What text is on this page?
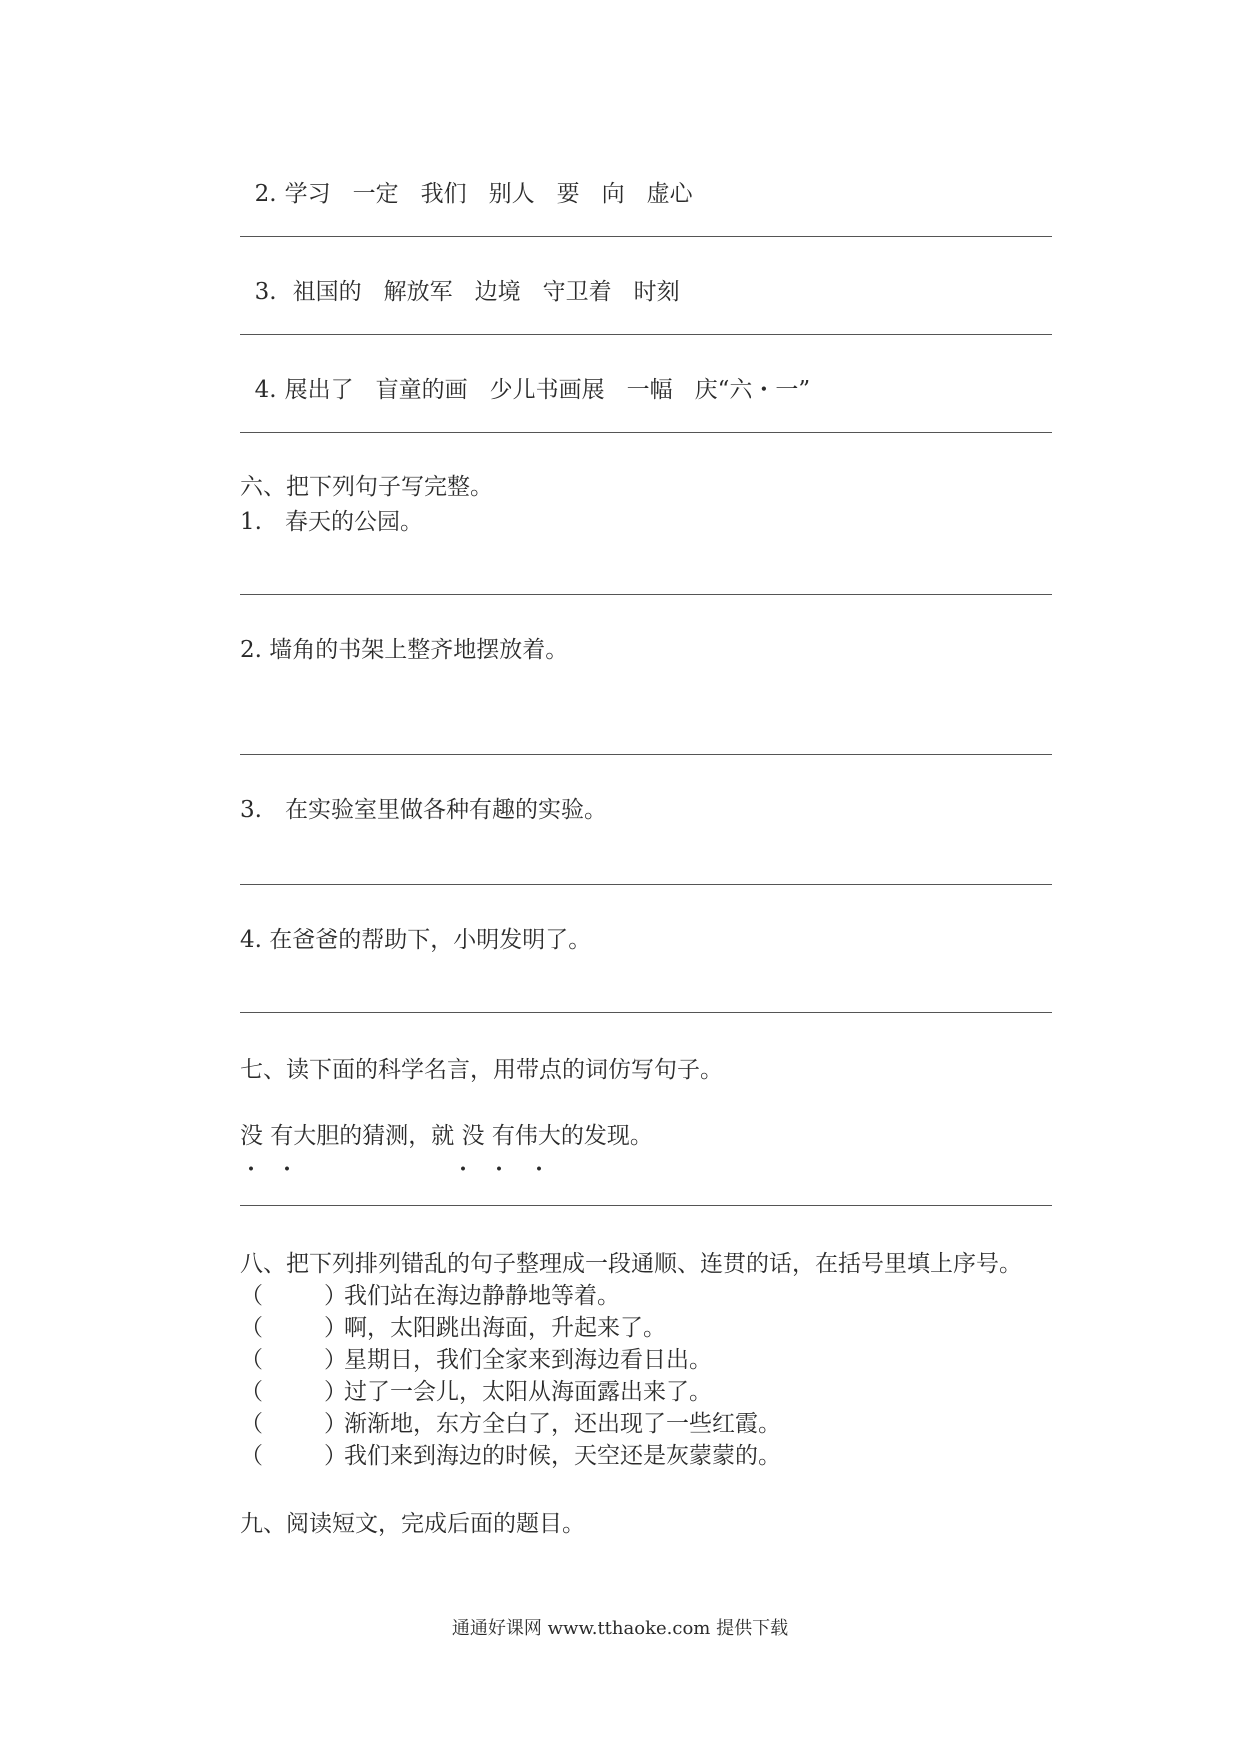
2. 学习 一定 我们 别人 要 向 虚心

3. 祖国的 解放军 边境 守卫着 时刻

4. 展出了 盲童的画 少儿书画展 一幅 庆“六・一”

六、把下列句子写完整。
1.　春天的公园。
2. 墙角的书架上整齐地摆放着。
3.　在实验室里做各种有趣的实验。
4. 在爸爸的帮助下，小明发明了。
七、读下面的科学名言，用带点的词仿写句子。
没 有大胆的猜测，就 没 有伟大的发现。
・ ・	・ ・ ・
八、把下列排列错乱的句子整理成一段通顺、连贯的话，在括号里填上序号。
（	）我们站在海边静静地等着。
（	）啊，太阳跳出海面，升起来了。
（	）星期日，我们全家来到海边看日出。
（	）过了一会儿，太阳从海面露出来了。
（	）渐渐地，东方全白了，还出现了一些红霞。
（	）我们来到海边的时候，天空还是灰蒙蒙的。
九、阅读短文，完成后面的题目。
通通好课网 www.tthaoke.com 提供下载
